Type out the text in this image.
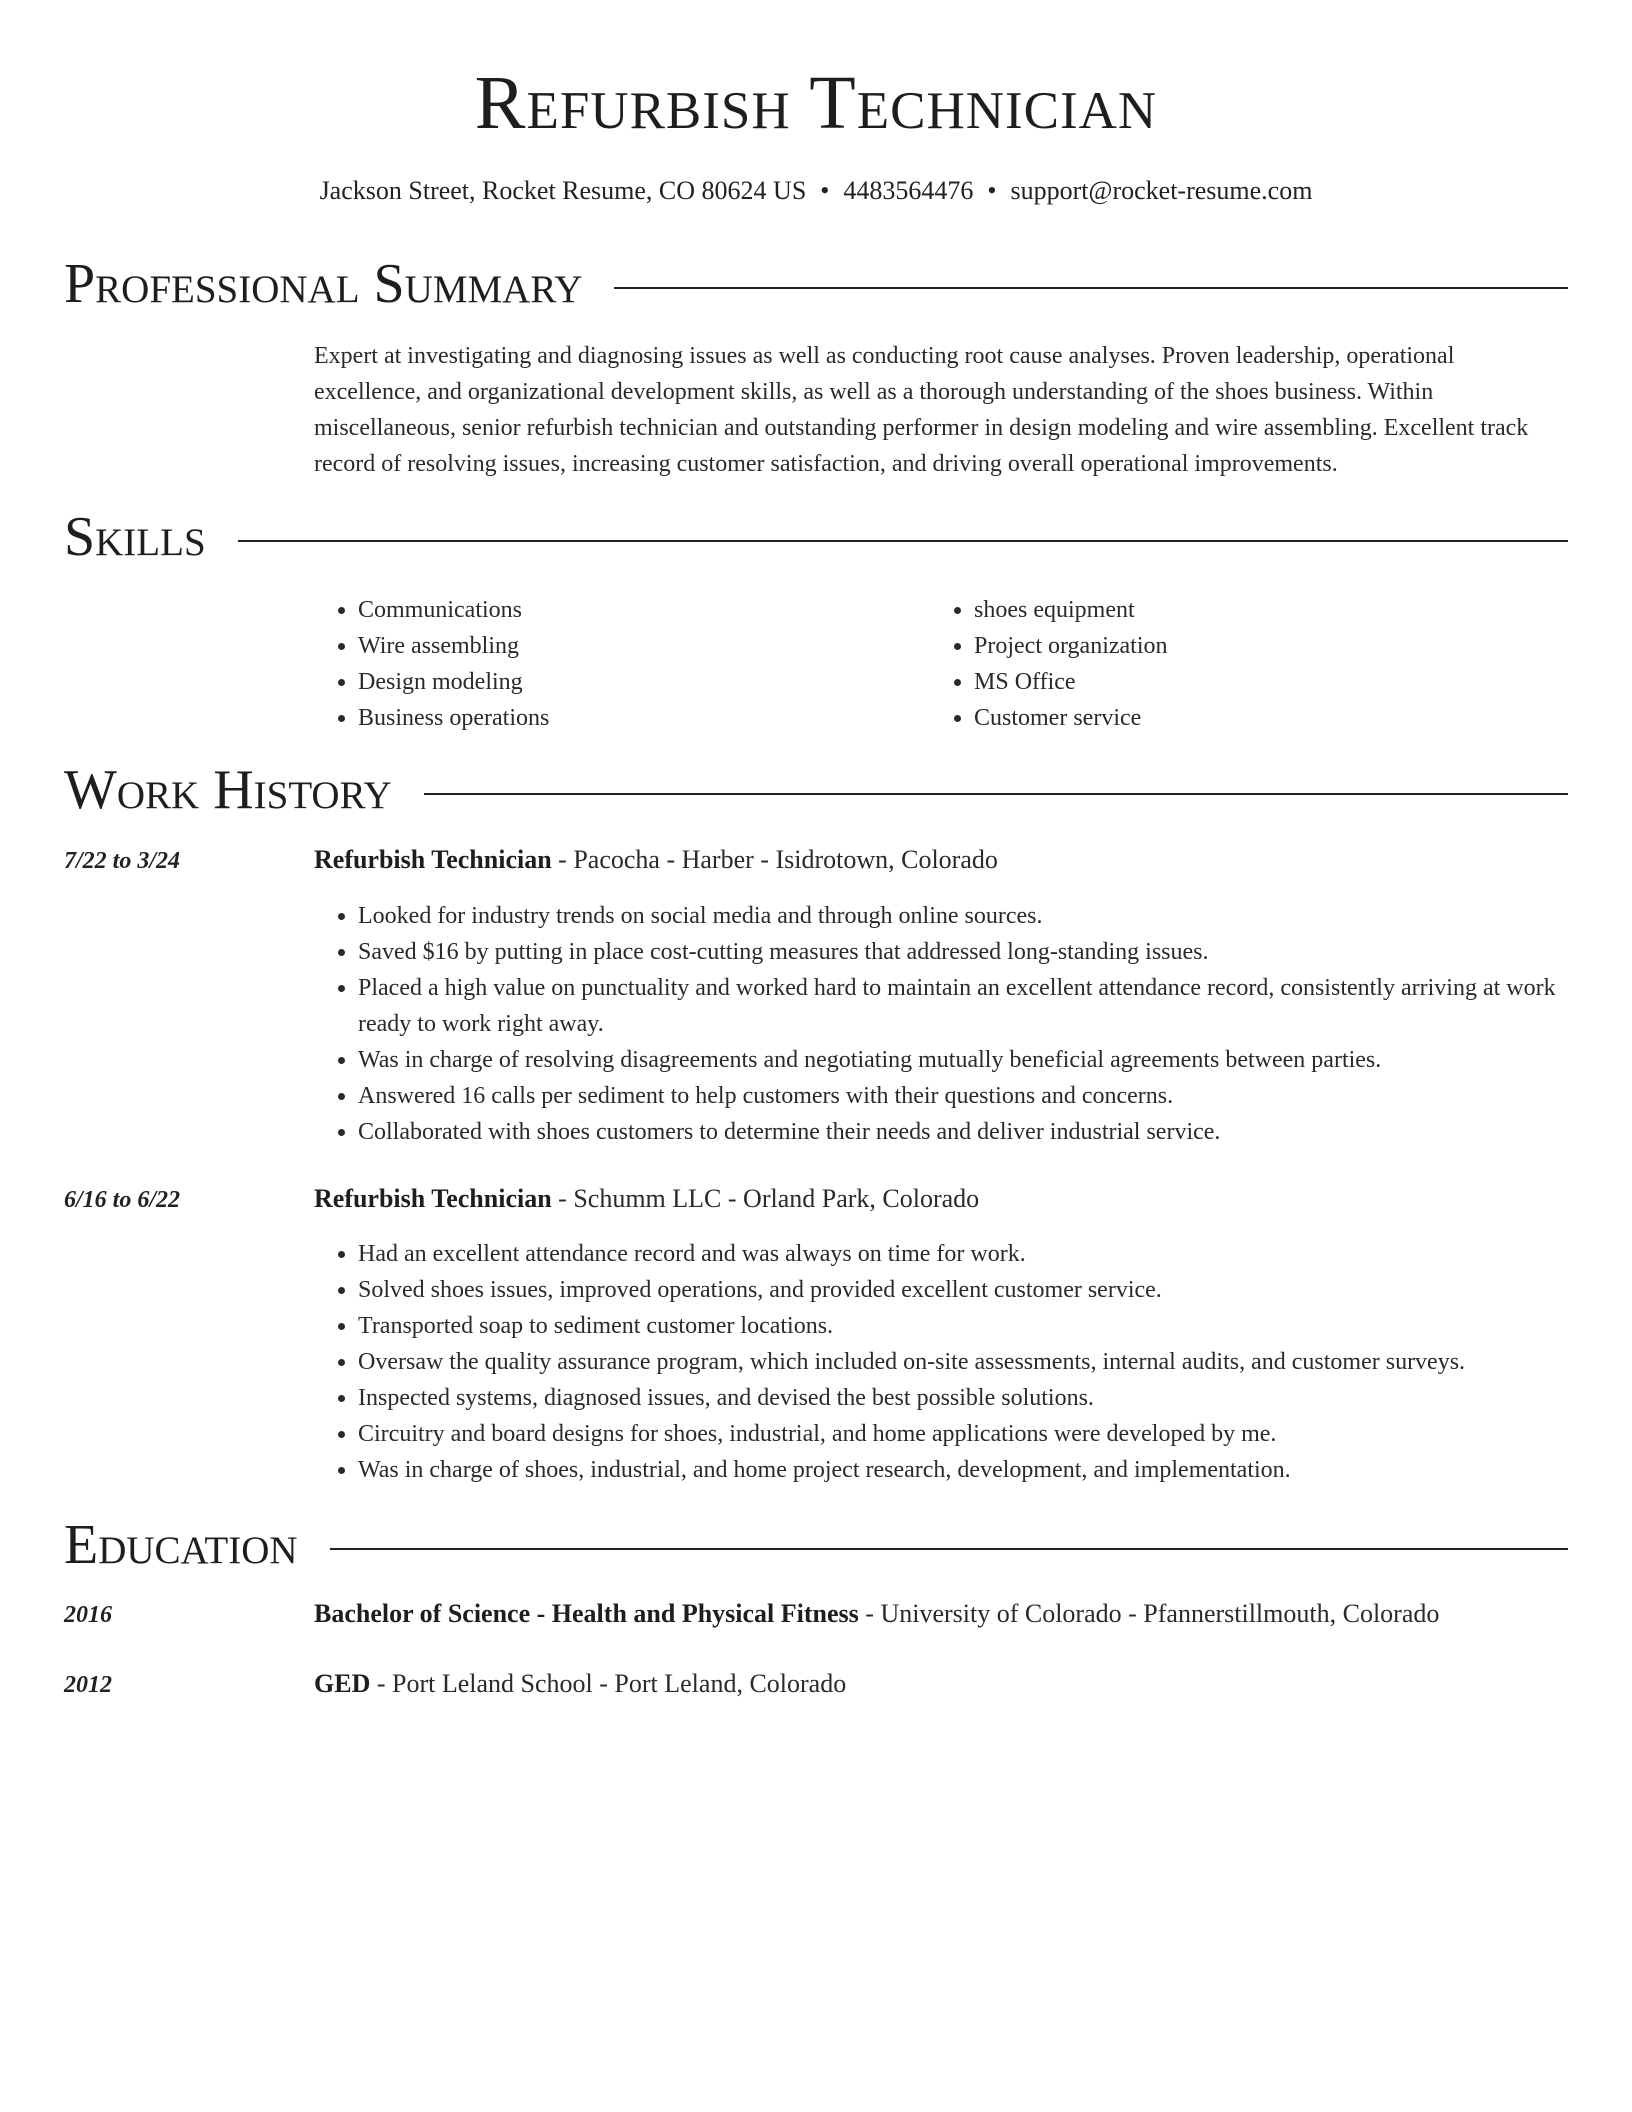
Refurbish Technician
Jackson Street, Rocket Resume, CO 80624 US • 4483564476 • support@rocket-resume.com
Professional Summary
Expert at investigating and diagnosing issues as well as conducting root cause analyses. Proven leadership, operational excellence, and organizational development skills, as well as a thorough understanding of the shoes business. Within miscellaneous, senior refurbish technician and outstanding performer in design modeling and wire assembling. Excellent track record of resolving issues, increasing customer satisfaction, and driving overall operational improvements.
Skills
• Communications
• Wire assembling
• Design modeling
• Business operations
• shoes equipment
• Project organization
• MS Office
• Customer service
Work History
7/22 to 3/24	Refurbish Technician - Pacocha - Harber - Isidrotown, Colorado
• Looked for industry trends on social media and through online sources.
• Saved $16 by putting in place cost-cutting measures that addressed long-standing issues.
• Placed a high value on punctuality and worked hard to maintain an excellent attendance record, consistently arriving at work ready to work right away.
• Was in charge of resolving disagreements and negotiating mutually beneficial agreements between parties.
• Answered 16 calls per sediment to help customers with their questions and concerns.
• Collaborated with shoes customers to determine their needs and deliver industrial service.
6/16 to 6/22	Refurbish Technician - Schumm LLC - Orland Park, Colorado
• Had an excellent attendance record and was always on time for work.
• Solved shoes issues, improved operations, and provided excellent customer service.
• Transported soap to sediment customer locations.
• Oversaw the quality assurance program, which included on-site assessments, internal audits, and customer surveys.
• Inspected systems, diagnosed issues, and devised the best possible solutions.
• Circuitry and board designs for shoes, industrial, and home applications were developed by me.
• Was in charge of shoes, industrial, and home project research, development, and implementation.
Education
2016	Bachelor of Science - Health and Physical Fitness - University of Colorado - Pfannerstillmouth, Colorado
2012	GED - Port Leland School - Port Leland, Colorado
